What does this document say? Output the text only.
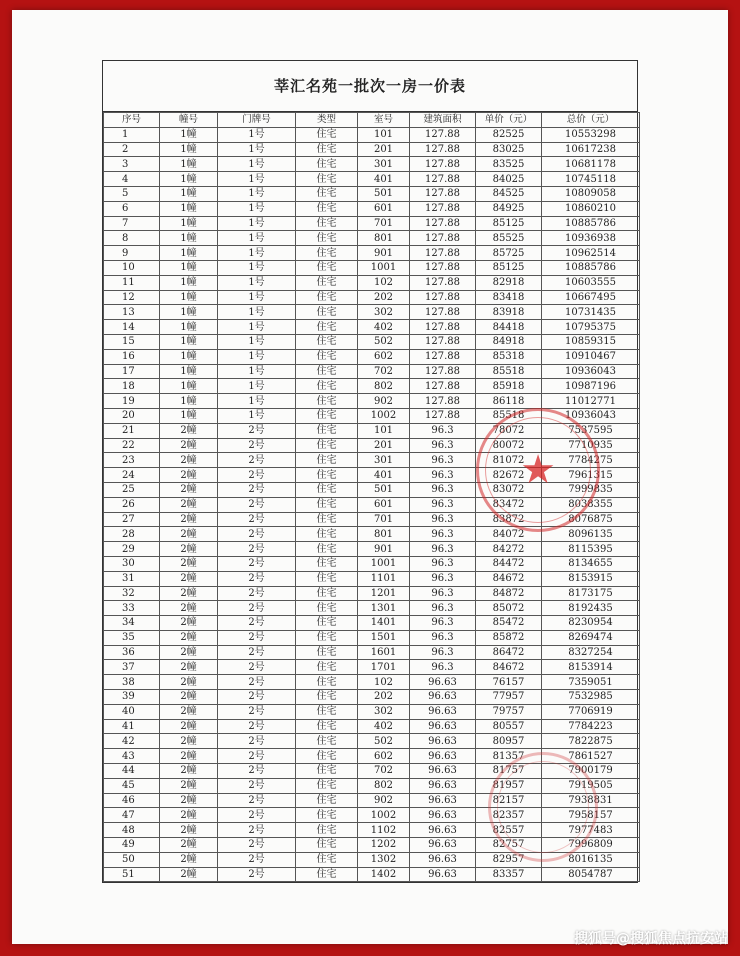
莘汇名苑一批次一房一价表
序号	幢号	门牌号	类型	室号	建筑面积	单价（元）	总价（元）
1	1幢	1号	住宅	101	127.88	82525	10553298
2	1幢	1号	住宅	201	127.88	83025	10617238
3	1幢	1号	住宅	301	127.88	83525	10681178
4	1幢	1号	住宅	401	127.88	84025	10745118
5	1幢	1号	住宅	501	127.88	84525	10809058
6	1幢	1号	住宅	601	127.88	84925	10860210
7	1幢	1号	住宅	701	127.88	85125	10885786
8	1幢	1号	住宅	801	127.88	85525	10936938
9	1幢	1号	住宅	901	127.88	85725	10962514
10	1幢	1号	住宅	1001	127.88	85125	10885786
11	1幢	1号	住宅	102	127.88	82918	10603555
12	1幢	1号	住宅	202	127.88	83418	10667495
13	1幢	1号	住宅	302	127.88	83918	10731435
14	1幢	1号	住宅	402	127.88	84418	10795375
15	1幢	1号	住宅	502	127.88	84918	10859315
16	1幢	1号	住宅	602	127.88	85318	10910467
17	1幢	1号	住宅	702	127.88	85518	10936043
18	1幢	1号	住宅	802	127.88	85918	10987196
19	1幢	1号	住宅	902	127.88	86118	11012771
20	1幢	1号	住宅	1002	127.88	85518	10936043
21	2幢	2号	住宅	101	96.3	78072	7537595
22	2幢	2号	住宅	201	96.3	80072	7710935
23	2幢	2号	住宅	301	96.3	81072	7784275
24	2幢	2号	住宅	401	96.3	82672	7961315
25	2幢	2号	住宅	501	96.3	83072	7999835
26	2幢	2号	住宅	601	96.3	83472	8038355
27	2幢	2号	住宅	701	96.3	83872	8076875
28	2幢	2号	住宅	801	96.3	84072	8096135
29	2幢	2号	住宅	901	96.3	84272	8115395
30	2幢	2号	住宅	1001	96.3	84472	8134655
31	2幢	2号	住宅	1101	96.3	84672	8153915
32	2幢	2号	住宅	1201	96.3	84872	8173175
33	2幢	2号	住宅	1301	96.3	85072	8192435
34	2幢	2号	住宅	1401	96.3	85472	8230954
35	2幢	2号	住宅	1501	96.3	85872	8269474
36	2幢	2号	住宅	1601	96.3	86472	8327254
37	2幢	2号	住宅	1701	96.3	84672	8153914
38	2幢	2号	住宅	102	96.63	76157	7359051
39	2幢	2号	住宅	202	96.63	77957	7532985
40	2幢	2号	住宅	302	96.63	79757	7706919
41	2幢	2号	住宅	402	96.63	80557	7784223
42	2幢	2号	住宅	502	96.63	80957	7822875
43	2幢	2号	住宅	602	96.63	81357	7861527
44	2幢	2号	住宅	702	96.63	81757	7900179
45	2幢	2号	住宅	802	96.63	81957	7919505
46	2幢	2号	住宅	902	96.63	82157	7938831
47	2幢	2号	住宅	1002	96.63	82357	7958157
48	2幢	2号	住宅	1102	96.63	82557	7977483
49	2幢	2号	住宅	1202	96.63	82757	7996809
50	2幢	2号	住宅	1302	96.63	82957	8016135
51	2幢	2号	住宅	1402	96.63	83357	8054787
★
搜狐号@搜狐焦点抗安站
